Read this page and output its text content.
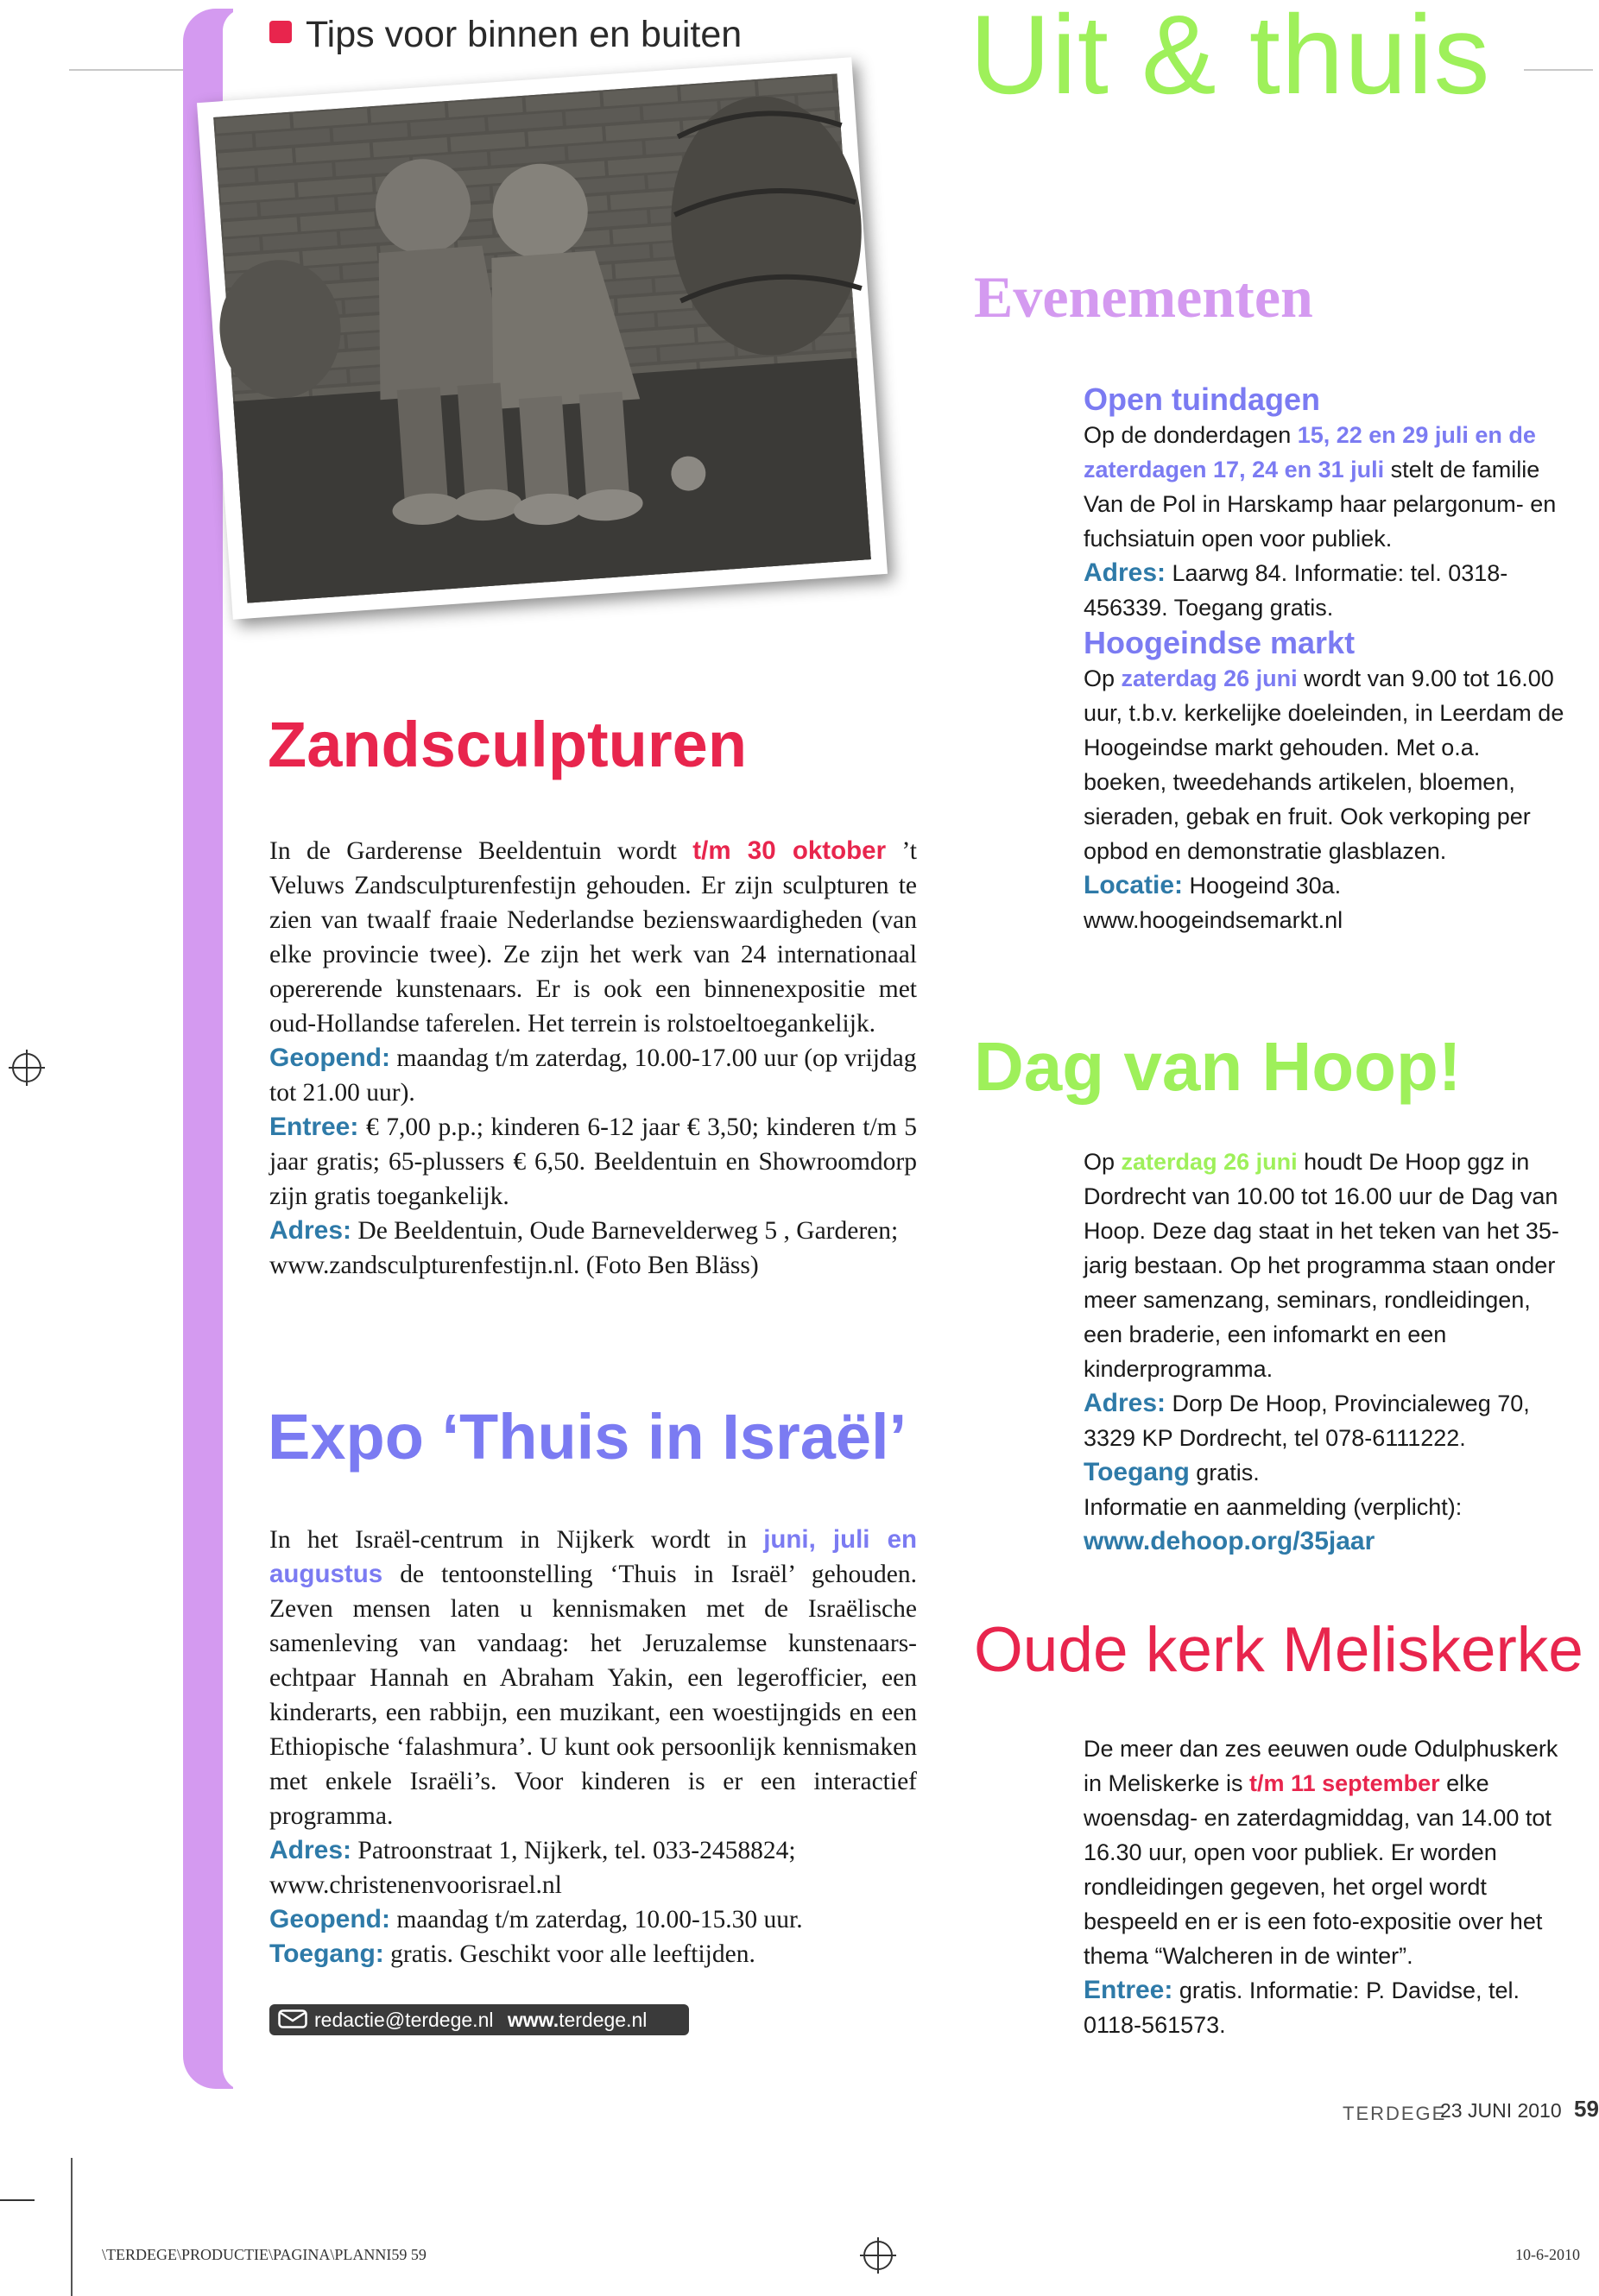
Tips voor binnen en buiten Uit & thuis
Zandsculpturen

In de Garderense Beeldentuin wordt t/m 30 oktober ’t Veluws Zandsculpturenfestijn gehouden. Er zijn sculpturen te zien van twaalf fraaie Nederlandse bezienswaardigheden (van elke provincie twee). Ze zijn het werk van 24 internationaal opererende kunstenaars. Er is ook een binnenexpositie met oud-Hollandse taferelen. Het terrein is rolstoeltoegankelijk.

Geopend: maandag t/m zaterdag, 10.00-17.00 uur (op vrijdag tot 21.00 uur).

Entree: € 7,00 p.p.; kinderen 6-12 jaar € 3,50; kinderen t/m 5 jaar gratis; 65-plussers € 6,50. Beeldentuin en Showroomdorp zijn gratis toegankelijk.

Adres: De Beeldentuin, Oude Barnevelderweg 5 , Garderen; www.zandsculpturenfestijn.nl. (Foto Ben Bläss)

Expo ‘Thuis in Israël’

In het Israël-centrum in Nijkerk wordt in juni, juli en augustus de tentoonstelling ‘Thuis in Israël’ gehouden. Zeven mensen laten u kennismaken met de Israëlische samenleving van vandaag: het Jeruzalemse kunstenaars-echtpaar Hannah en Abraham Yakin, een legerofficier, een kinderarts, een rabbijn, een muzikant, een woestijngids en een Ethiopische ‘falashmura’. U kunt ook persoonlijk kennismaken met enkele Israëli’s. Voor kinderen is er een interactief programma.

Adres: Patroonstraat 1, Nijkerk, tel. 033-2458824; www.christenenvoorisrael.nl

Geopend: maandag t/m zaterdag, 10.00-15.30 uur.

Toegang: gratis. Geschikt voor alle leeftijden.

redactie@terdege.nl www.terdege.nl
Evenementen
Open tuindagen

Op de donderdagen 15, 22 en 29 juli en de zaterdagen 17, 24 en 31 juli stelt de familie Van de Pol in Harskamp haar pelargonum- en fuchsiatuin open voor publiek.

Adres: Laarwg 84. Informatie: tel. 0318-456339. Toegang gratis.

Hoogeindse markt

Op zaterdag 26 juni wordt van 9.00 tot 16.00 uur, t.b.v. kerkelijke doeleinden, in Leerdam de Hoogeindse markt gehouden. Met o.a. boeken, tweedehands artikelen, bloemen, sieraden, gebak en fruit. Ook verkoping per opbod en demonstratie glasblazen.

Locatie: Hoogeind 30a. www.hoogeindsemarkt.nl

Dag van Hoop!

Op zaterdag 26 juni houdt De Hoop ggz in Dordrecht van 10.00 tot 16.00 uur de Dag van Hoop. Deze dag staat in het teken van het 35-jarig bestaan. Op het programma staan onder meer samenzang, seminars, rondleidingen, een braderie, een infomarkt en een kinderprogramma.

Adres: Dorp De Hoop, Provincialeweg 70, 3329 KP Dordrecht, tel 078-6111222.

Toegang gratis.

Informatie en aanmelding (verplicht):

www.dehoop.org/35jaar

Oude kerk Meliskerke

De meer dan zes eeuwen oude Odulphuskerk in Meliskerke is t/m 11 september elke woensdag- en zaterdagmiddag, van 14.00 tot 16.30 uur, open voor publiek. Er worden rondleidingen gegeven, het orgel wordt bespeeld en er is een foto-expositie over het thema “Walcheren in de winter”.

Entree: gratis. Informatie: P. Davidse, tel. 0118-561573.

TERDEGE
23 JUNI 2010 59
\TERDEGE\PRODUCTIE\PAGINA\PLANNI59 59	10-6-2010
